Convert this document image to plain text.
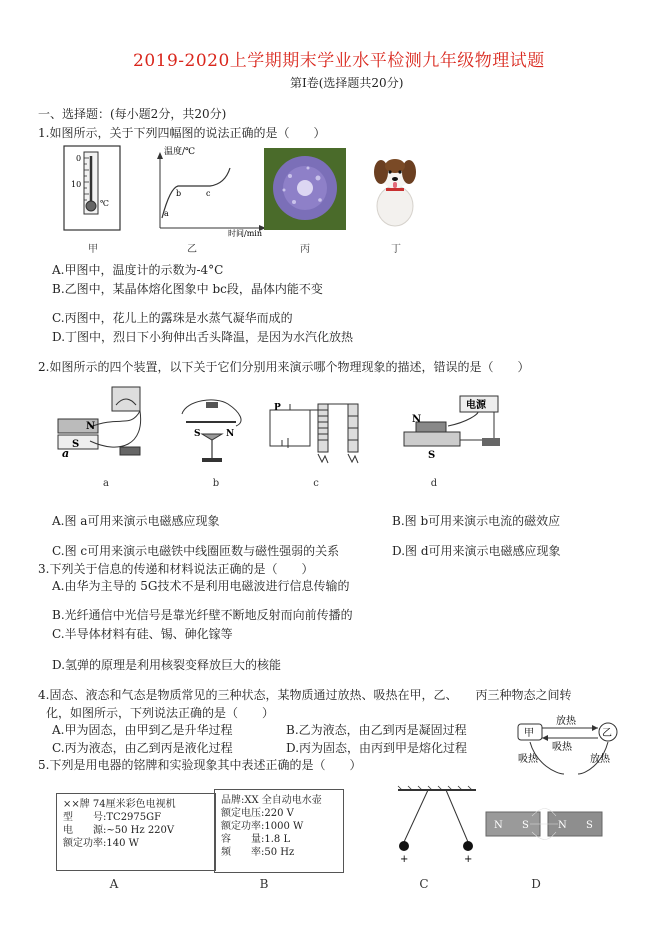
2019-2020上学期期末学业水平检测九年级物理试题
第Ⅰ卷(选择题共20分)
一、选择题：(每小题2分，共20分)
1.如图所示，关于下列四幅图的说法正确的是（　　）
0
10
℃
甲
温度/℃
时间/min
a
b	c
乙	丙	丁
A.甲图中，温度计的示数为-4°C
B.乙图中，某晶体熔化图象中 bc段，晶体内能不变
C.丙图中，花儿上的露珠是水蒸气凝华而成的
D.丁图中，烈日下小狗伸出舌头降温，是因为水汽化放热
2.如图所示的四个装置，以下关于它们分别用来演示哪个物理现象的描述，错误的是（　　）
N
S
a
a
S	N
b
P
c
电源
N
S
d
A.图 a可用来演示电磁感应现象	B.图 b可用来演示电流的磁效应
C.图 c可用来演示电磁铁中线圈匝数与磁性强弱的关系	D.图 d可用来演示电磁感应现象
3.下列关于信息的传递和材料说法正确的是（　　）
A.由华为主导的 5G技术不是利用电磁波进行信息传输的
B.光纤通信中光信号是靠光纤壁不断地反射而向前传播的
C.半导体材料有硅、锡、砷化镓等
D.氢弹的原理是利用核裂变释放巨大的核能
4.固态、液态和气态是物质常见的三种状态，某物质通过放热、吸热在甲，乙、　　丙三种物态之间转
化，如图所示，下列说法正确的是（　　）
A.甲为固态，由甲到乙是升华过程	B.乙为液态，由乙到丙是凝固过程
C.丙为液态，由乙到丙是液化过程	D.丙为固态，由丙到甲是熔化过程
甲	乙
放热
吸热
吸热
放热
5.下列是用电器的铭牌和实验现象其中表述正确的是（　　）
××牌 74厘米彩色电视机
型　　号:TC2975GF
电　　源:~50 Hz 220V
额定功率:140 W
A
品牌:XX 全自动电水壶
额定电压:220 V
额定功率:1000 W
容　　量:1.8 L
频　　率:50 Hz
B
+	+
C
N S	N S
D
